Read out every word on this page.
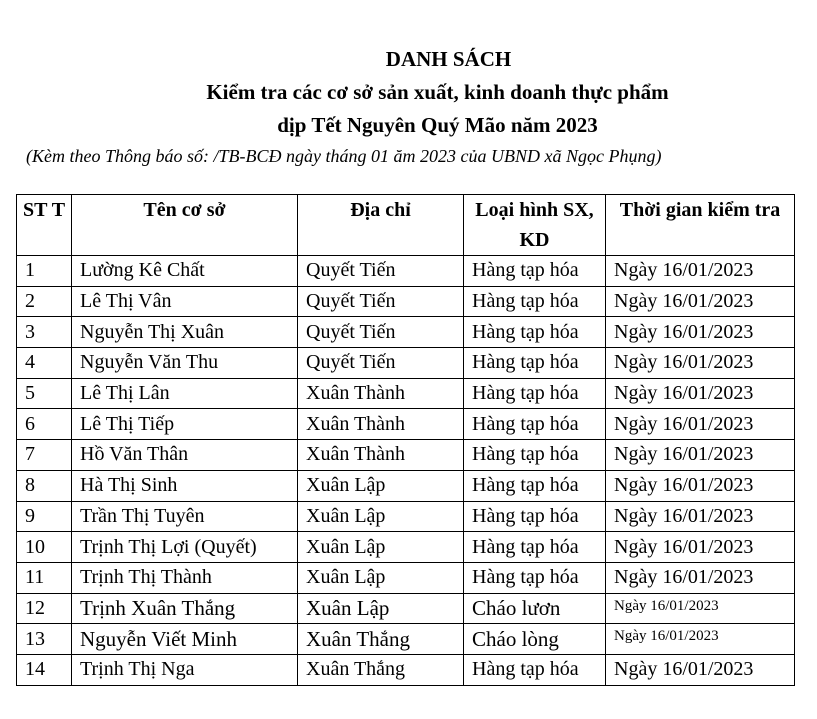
DANH SÁCH
Kiểm tra các cơ sở sản xuất, kinh doanh thực phẩm
dịp Tết Nguyên Quý Mão năm 2023
(Kèm theo Thông báo số: /TB-BCĐ ngày tháng 01 ăm 2023 của UBND xã Ngọc Phụng)
ST T	Tên cơ sở	Địa chỉ	Loại hình SX, KD	Thời gian kiểm tra
1	Lường Kê Chất	Quyết Tiến	Hàng tạp hóa	Ngày 16/01/2023
2	Lê Thị Vân	Quyết Tiến	Hàng tạp hóa	Ngày 16/01/2023
3	Nguyễn Thị Xuân	Quyết Tiến	Hàng tạp hóa	Ngày 16/01/2023
4	Nguyễn Văn Thu	Quyết Tiến	Hàng tạp hóa	Ngày 16/01/2023
5	Lê Thị Lân	Xuân Thành	Hàng tạp hóa	Ngày 16/01/2023
6	Lê Thị Tiếp	Xuân Thành	Hàng tạp hóa	Ngày 16/01/2023
7	Hồ Văn Thân	Xuân Thành	Hàng tạp hóa	Ngày 16/01/2023
8	Hà Thị Sinh	Xuân Lập	Hàng tạp hóa	Ngày 16/01/2023
9	Trần Thị Tuyên	Xuân Lập	Hàng tạp hóa	Ngày 16/01/2023
10	Trịnh Thị Lợi (Quyết)	Xuân Lập	Hàng tạp hóa	Ngày 16/01/2023
11	Trịnh Thị Thành	Xuân Lập	Hàng tạp hóa	Ngày 16/01/2023
12	Trịnh Xuân Thắng	Xuân Lập	Cháo lươn	Ngày 16/01/2023
13	Nguyễn Viết Minh	Xuân Thắng	Cháo lòng	Ngày 16/01/2023
14	Trịnh Thị Nga	Xuân Thắng	Hàng tạp hóa	Ngày 16/01/2023
